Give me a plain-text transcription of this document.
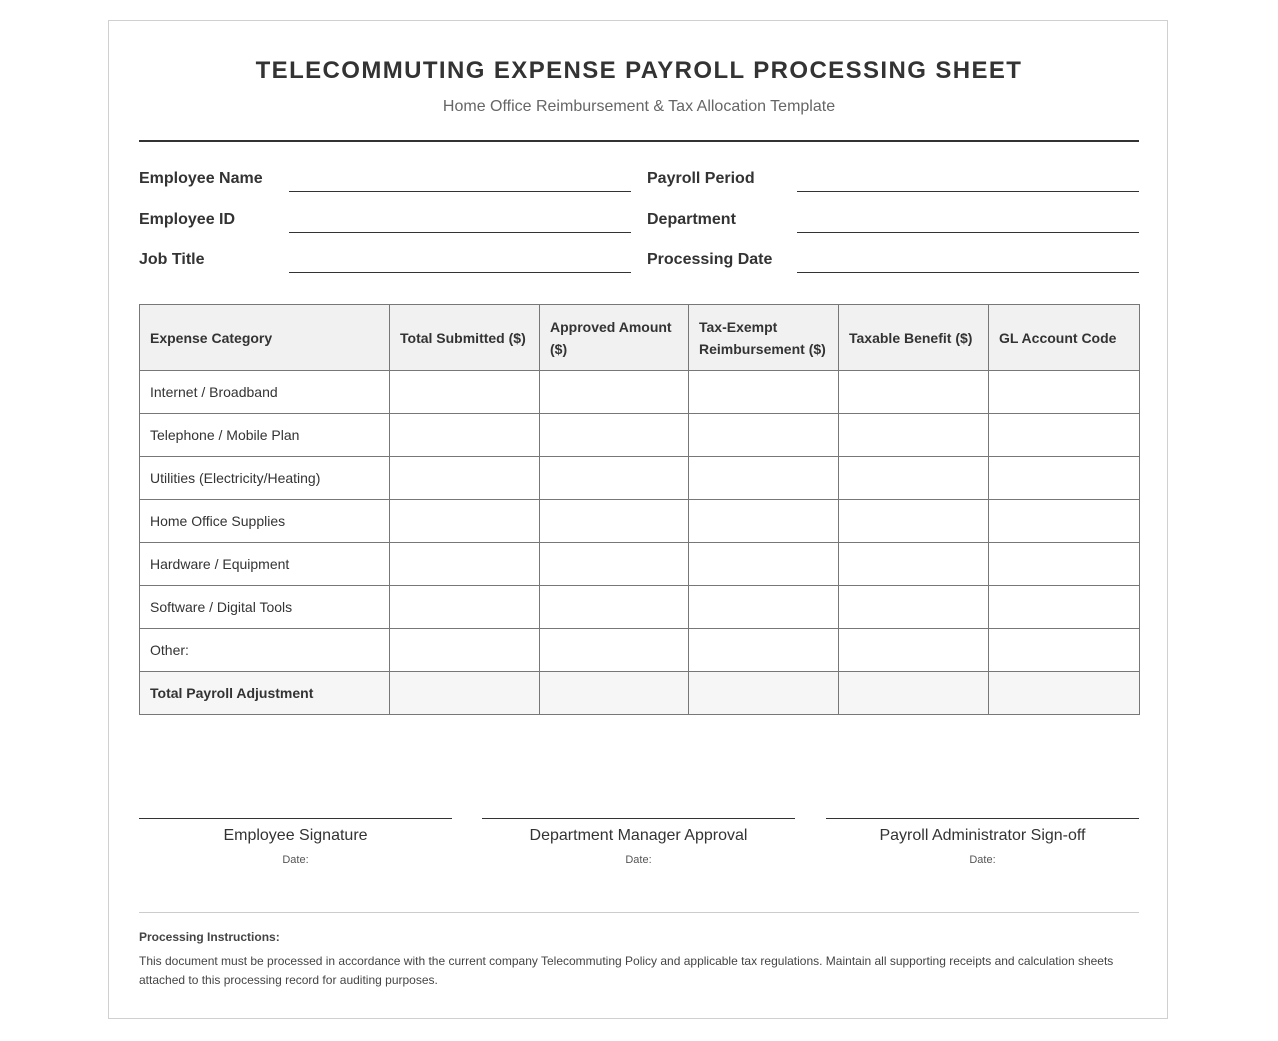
TELECOMMUTING EXPENSE PAYROLL PROCESSING SHEET
Home Office Reimbursement & Tax Allocation Template
Employee Name
Employee ID
Job Title
Payroll Period
Department
Processing Date
Expense Category	Total Submitted ($)	Approved Amount ($)	Tax-Exempt Reimbursement ($)	Taxable Benefit ($)	GL Account Code
Internet / Broadband					
Telephone / Mobile Plan					
Utilities (Electricity/Heating)					
Home Office Supplies					
Hardware / Equipment					
Software / Digital Tools					
Other:					
Total Payroll Adjustment					
Employee Signature
Date:
Department Manager Approval
Date:
Payroll Administrator Sign-off
Date:
Processing Instructions:
This document must be processed in accordance with the current company Telecommuting Policy and applicable tax regulations. Maintain all supporting receipts and calculation sheets attached to this processing record for auditing purposes.
